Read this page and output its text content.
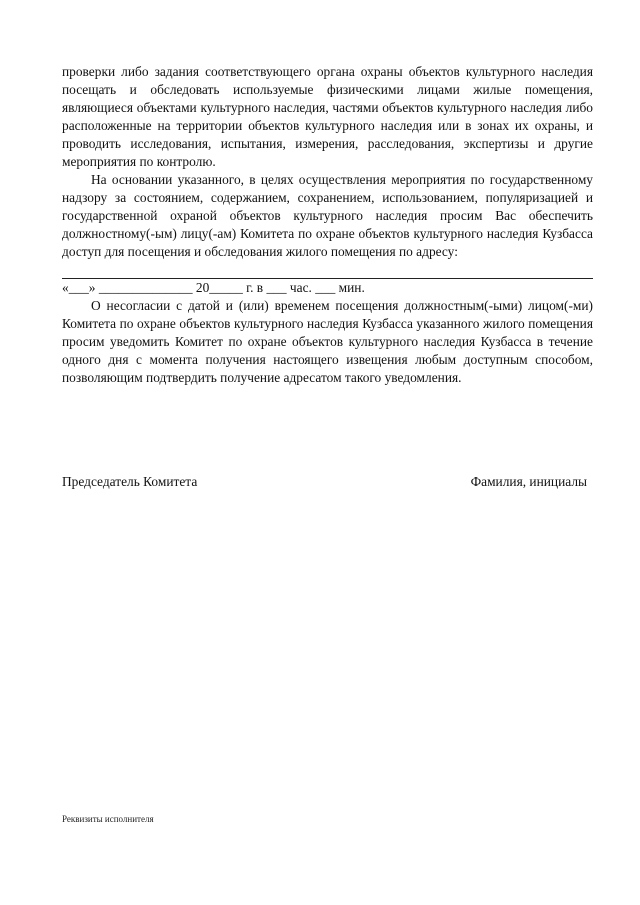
проверки либо задания соответствующего органа охраны объектов культурного наследия посещать и обследовать используемые физическими лицами жилые помещения, являющиеся объектами культурного наследия, частями объектов культурного наследия либо расположенные на территории объектов культурного наследия или в зонах их охраны, и проводить исследования, испытания, измерения, расследования, экспертизы и другие мероприятия по контролю.

На основании указанного, в целях осуществления мероприятия по государственному надзору за состоянием, содержанием, сохранением, использованием, популяризацией и государственной охраной объектов культурного наследия просим Вас обеспечить должностному(-ым) лицу(-ам) Комитета по охране объектов культурного наследия Кузбасса доступ для посещения и обследования жилого помещения по адресу:

«___» ______________ 20_____ г. в ___ час. ___ мин.

О несогласии с датой и (или) временем посещения должностным(-ыми) лицом(-ми) Комитета по охране объектов культурного наследия Кузбасса указанного жилого помещения просим уведомить Комитет по охране объектов культурного наследия Кузбасса в течение одного дня с момента получения настоящего извещения любым доступным способом, позволяющим подтвердить получение адресатом такого уведомления.

Председатель Комитета	Фамилия, инициалы
Реквизиты исполнителя
